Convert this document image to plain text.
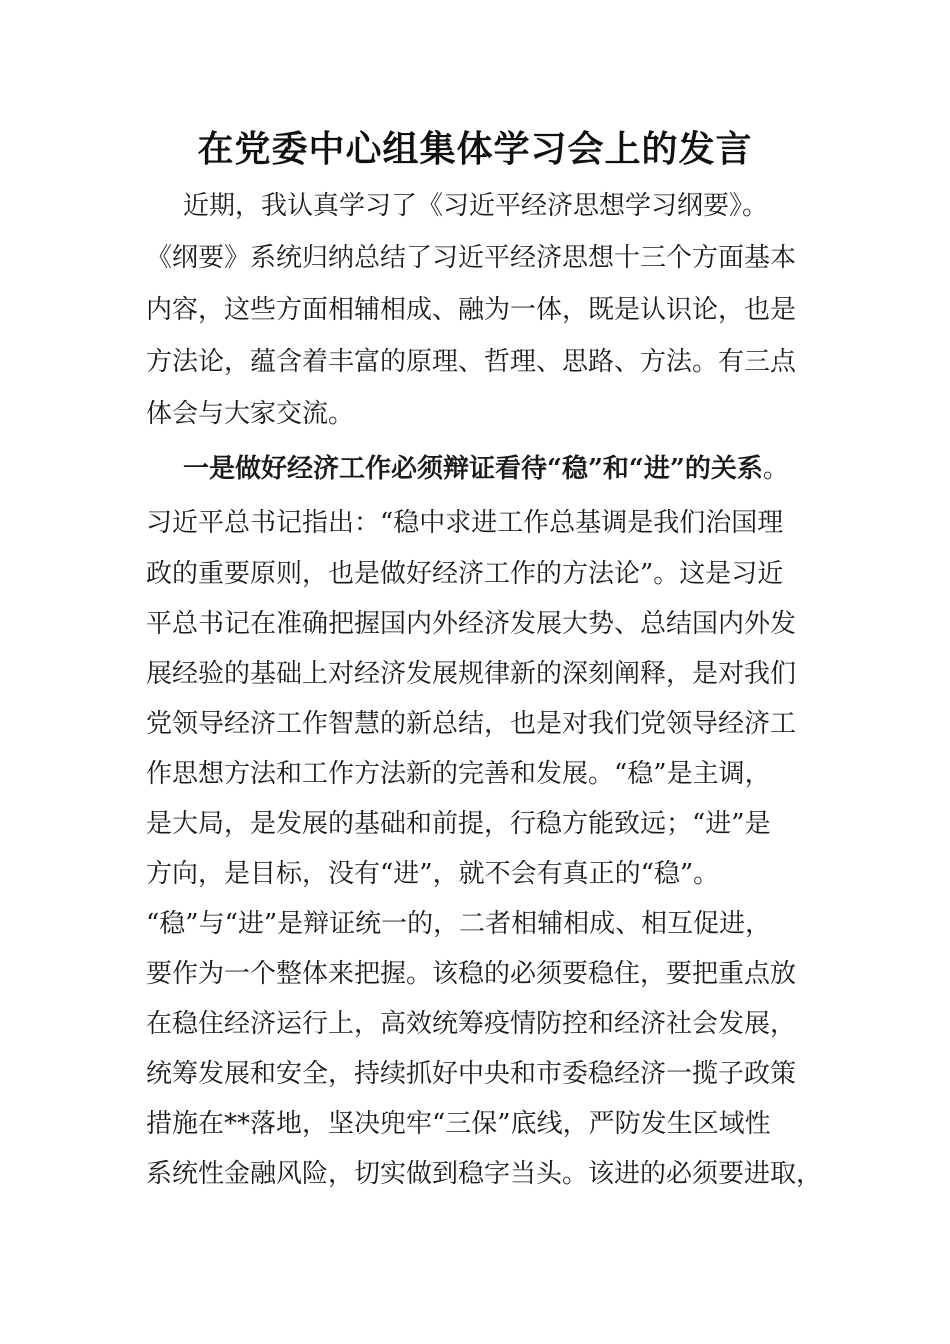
在党委中心组集体学习会上的发言

近期，我认真学习了《习近平经济思想学习纲要》。

《纲要》系统归纳总结了习近平经济思想十三个方面基本

内容，这些方面相辅相成、融为一体，既是认识论，也是

方法论，蕴含着丰富的原理、哲理、思路、方法。有三点

体会与大家交流。

一是做好经济工作必须辩证看待“稳”和“进”的关系。

习近平总书记指出：“稳中求进工作总基调是我们治国理

政的重要原则，也是做好经济工作的方法论”。这是习近

平总书记在准确把握国内外经济发展大势、总结国内外发

展经验的基础上对经济发展规律新的深刻阐释，是对我们

党领导经济工作智慧的新总结，也是对我们党领导经济工

作思想方法和工作方法新的完善和发展。“稳”是主调，

是大局，是发展的基础和前提，行稳方能致远；“进”是

方向，是目标，没有“进”，就不会有真正的“稳”。

“稳”与“进”是辩证统一的，二者相辅相成、相互促进，

要作为一个整体来把握。该稳的必须要稳住，要把重点放

在稳住经济运行上，高效统筹疫情防控和经济社会发展，

统筹发展和安全，持续抓好中央和市委稳经济一揽子政策

措施在**落地，坚决兜牢“三保”底线，严防发生区域性

系统性金融风险，切实做到稳字当头。该进的必须要进取，
